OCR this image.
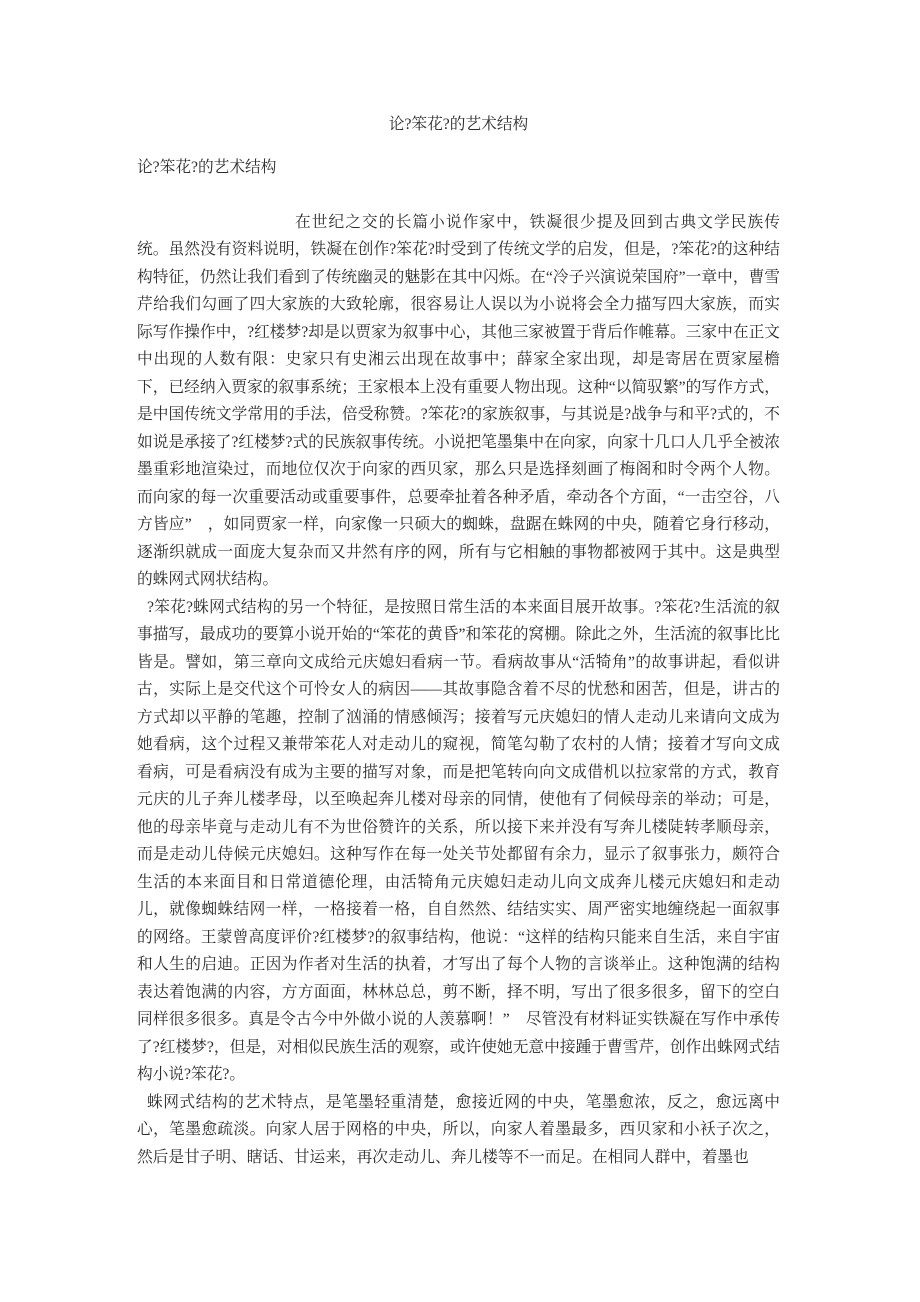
论?笨花?的艺术结构
论?笨花?的艺术结构

在世纪之交的长篇小说作家中，铁凝很少提及回到古典文学民族传统。虽然没有资料说明，铁凝在创作?笨花?时受到了传统文学的启发，但是，?笨花?的这种结构特征，仍然让我们看到了传统幽灵的魅影在其中闪烁。在“冷子兴演说荣国府”一章中，曹雪芹给我们勾画了四大家族的大致轮廓，很容易让人误以为小说将会全力描写四大家族，而实际写作操作中，?红楼梦?却是以贾家为叙事中心，其他三家被置于背后作帷幕。三家中在正文中出现的人数有限：史家只有史湘云出现在故事中；薛家全家出现，却是寄居在贾家屋檐下，已经纳入贾家的叙事系统；王家根本上没有重要人物出现。这种“以简驭繁”的写作方式，是中国传统文学常用的手法，倍受称赞。?笨花?的家族叙事，与其说是?战争与和平?式的，不如说是承接了?红楼梦?式的民族叙事传统。小说把笔墨集中在向家，向家十几口人几乎全被浓墨重彩地渲染过，而地位仅次于向家的西贝家，那么只是选择刻画了梅阁和时令两个人物。而向家的每一次重要活动或重要事件，总要牵扯着各种矛盾，牵动各个方面，“一击空谷，八方皆应”　，如同贾家一样，向家像一只硕大的蜘蛛，盘踞在蛛网的中央，随着它身行移动，逐渐织就成一面庞大复杂而又井然有序的网，所有与它相触的事物都被网于其中。这是典型的蛛网式网状结构。

?笨花?蛛网式结构的另一个特征，是按照日常生活的本来面目展开故事。?笨花?生活流的叙事描写，最成功的要算小说开始的“笨花的黄昏”和笨花的窝棚。除此之外，生活流的叙事比比皆是。譬如，第三章向文成给元庆媳妇看病一节。看病故事从“活犄角”的故事讲起，看似讲古，实际上是交代这个可怜女人的病因——其故事隐含着不尽的忧愁和困苦，但是，讲古的方式却以平静的笔趣，控制了汹涌的情感倾泻；接着写元庆媳妇的情人走动儿来请向文成为她看病，这个过程又兼带笨花人对走动儿的窥视，简笔勾勒了农村的人情；接着才写向文成看病，可是看病没有成为主要的描写对象，而是把笔转向向文成借机以拉家常的方式，教育元庆的儿子奔儿楼孝母，以至唤起奔儿楼对母亲的同情，使他有了伺候母亲的举动；可是，他的母亲毕竟与走动儿有不为世俗赞许的关系，所以接下来并没有写奔儿楼陡转孝顺母亲，而是走动儿侍候元庆媳妇。这种写作在每一处关节处都留有余力，显示了叙事张力，颇符合生活的本来面目和日常道德伦理，由活犄角元庆媳妇走动儿向文成奔儿楼元庆媳妇和走动儿，就像蜘蛛结网一样，一格接着一格，自自然然、结结实实、周严密实地缠绕起一面叙事的网络。王蒙曾高度评价?红楼梦?的叙事结构，他说：“这样的结构只能来自生活，来自宇宙和人生的启迪。正因为作者对生活的执着，才写出了每个人物的言谈举止。这种饱满的结构表达着饱满的内容，方方面面，林林总总，剪不断，择不明，写出了很多很多，留下的空白同样很多很多。真是令古今中外做小说的人羡慕啊！”　尽管没有材料证实铁凝在写作中承传了?红楼梦?，但是，对相似民族生活的观察，或许使她无意中接踵于曹雪芹，创作出蛛网式结构小说?笨花?。

蛛网式结构的艺术特点，是笔墨轻重清楚，愈接近网的中央，笔墨愈浓，反之，愈远离中心，笔墨愈疏淡。向家人居于网格的中央，所以，向家人着墨最多，西贝家和小袄子次之，然后是甘子明、瞎话、甘运来，再次走动儿、奔儿楼等不一而足。在相同人群中，着墨也
